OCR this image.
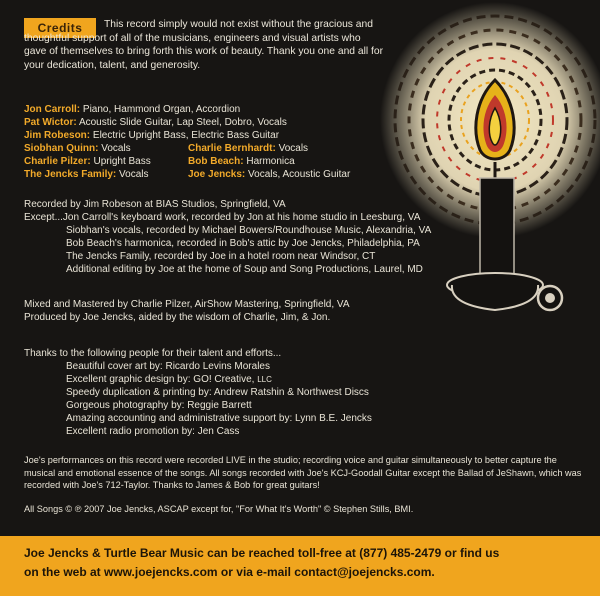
Credits	This record simply would not exist without the gracious and thoughtful support of all of the musicians, engineers and visual artists who gave of themselves to bring forth this work of beauty. Thank you one and all for your dedication, talent, and generosity.

Jon Carroll: Piano, Hammond Organ, Accordion
Pat Wictor: Acoustic Slide Guitar, Lap Steel, Dobro, Vocals
Jim Robeson: Electric Upright Bass, Electric Bass Guitar
Siobhan Quinn: Vocals	Charlie Bernhardt: Vocals
Charlie Pilzer: Upright Bass	Bob Beach: Harmonica
The Jencks Family: Vocals	Joe Jencks: Vocals, Acoustic Guitar
Recorded by Jim Robeson at BIAS Studios, Springfield, VA
Except...Jon Carroll's keyboard work, recorded by Jon at his home studio in Leesburg, VA
Siobhan's vocals, recorded by Michael Bowers/Roundhouse Music, Alexandria, VA
Bob Beach's harmonica, recorded in Bob's attic by Joe Jencks, Philadelphia, PA
The Jencks Family, recorded by Joe in a hotel room near Windsor, CT
Additional editing by Joe at the home of Soup and Song Productions, Laurel, MD
Mixed and Mastered by Charlie Pilzer, AirShow Mastering, Springfield, VA
Produced by Joe Jencks, aided by the wisdom of Charlie, Jim, & Jon.
Thanks to the following people for their talent and efforts...
Beautiful cover art by: Ricardo Levins Morales
Excellent graphic design by: GO! Creative, LLC
Speedy duplication & printing by: Andrew Ratshin & Northwest Discs
Gorgeous photography by: Reggie Barrett
Amazing accounting and administrative support by: Lynn B.E. Jencks
Excellent radio promotion by: Jen Cass

Joe's performances on this record were recorded LIVE in the studio; recording voice and guitar simultaneously to better capture the musical and emotional essence of the songs. All songs recorded with Joe's KCJ-Goodall Guitar except the Ballad of JeShawn, which was recorded with Joe's 712-Taylor. Thanks to James & Bob for great guitars!

All Songs © ℗ 2007 Joe Jencks, ASCAP except for, "For What It's Worth" © Stephen Stills, BMI.
Joe Jencks & Turtle Bear Music can be reached toll-free at (877) 485-2479 or find us
on the web at www.joejencks.com or via e-mail contact@joejencks.com.
